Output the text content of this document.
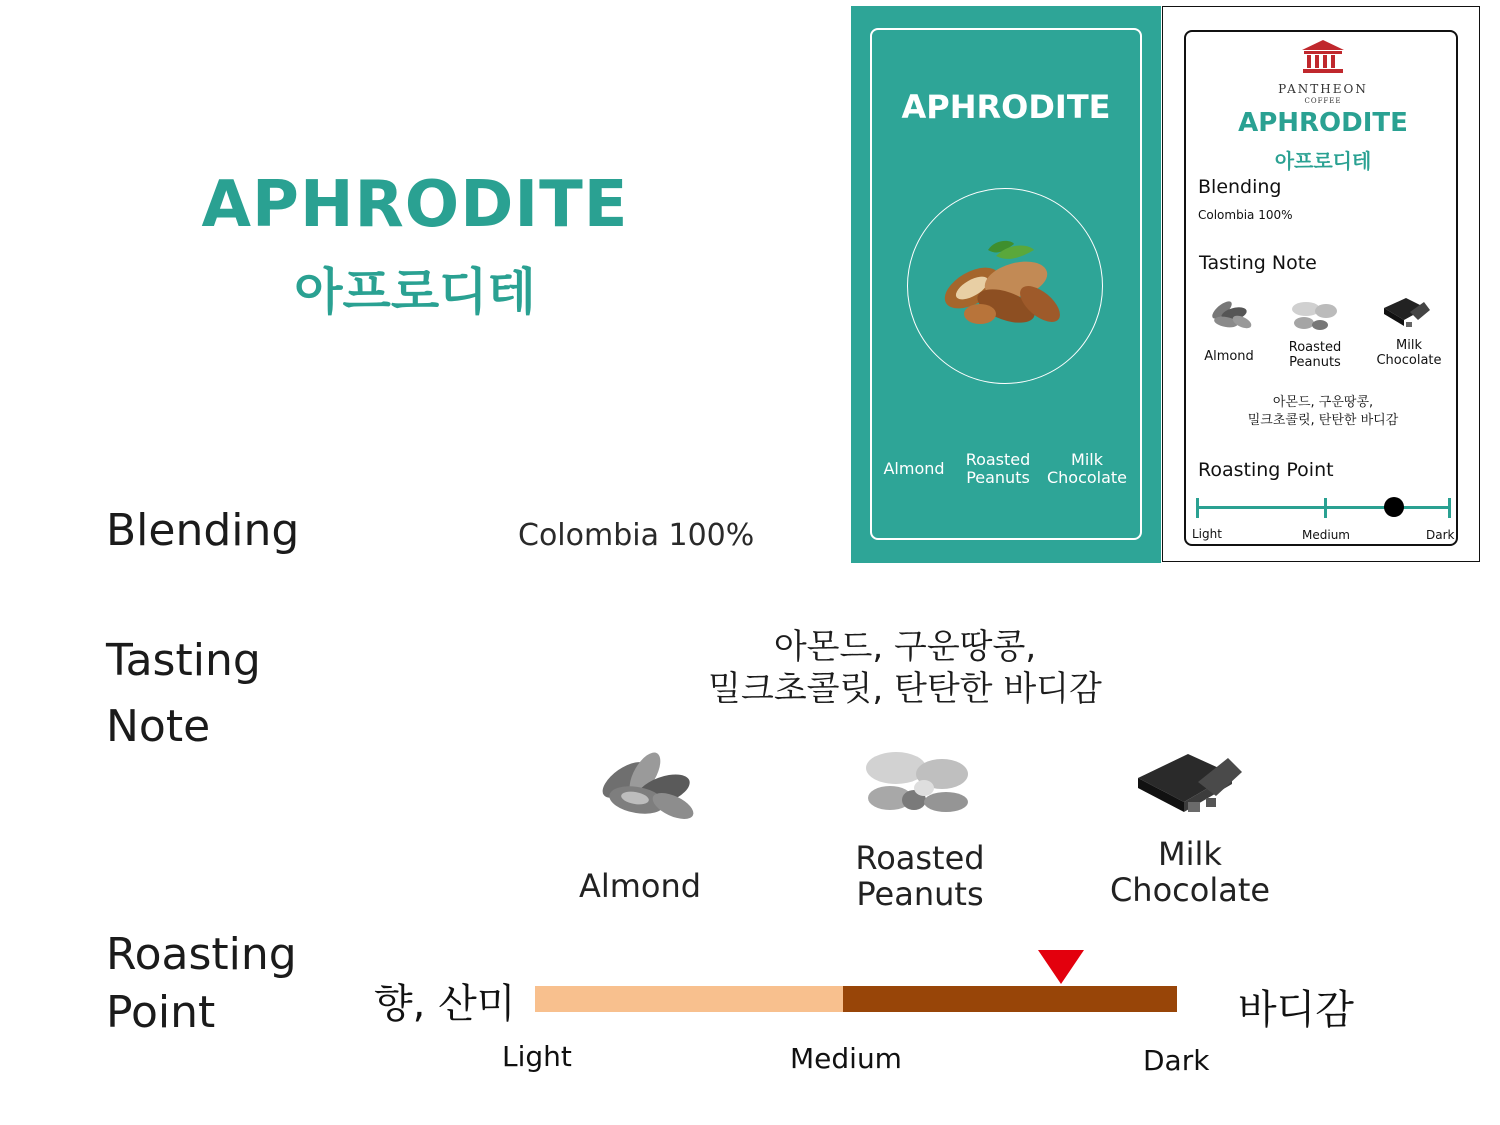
APHRODITE
아프로디테
Blending	Colombia 100%
Tasting Note
아몬드, 구운땅콩,
밀크초콜릿, 탄탄한 바디감
Almond
Roasted
Peanuts
Milk
Chocolate
Roasting Point	향, 산미	바디감
Light	Medium	Dark
APHRODITE
Almond	Roasted
Peanuts
Milk
Chocolate
PANTHEON
COFFEE
APHRODITE
아프로디테
Blending
Colombia 100%
Tasting Note
Almond
Roasted
Peanuts
Milk
Chocolate
아몬드, 구운땅콩,
밀크초콜릿, 탄탄한 바디감
Roasting Point
Light	Medium	Dark
